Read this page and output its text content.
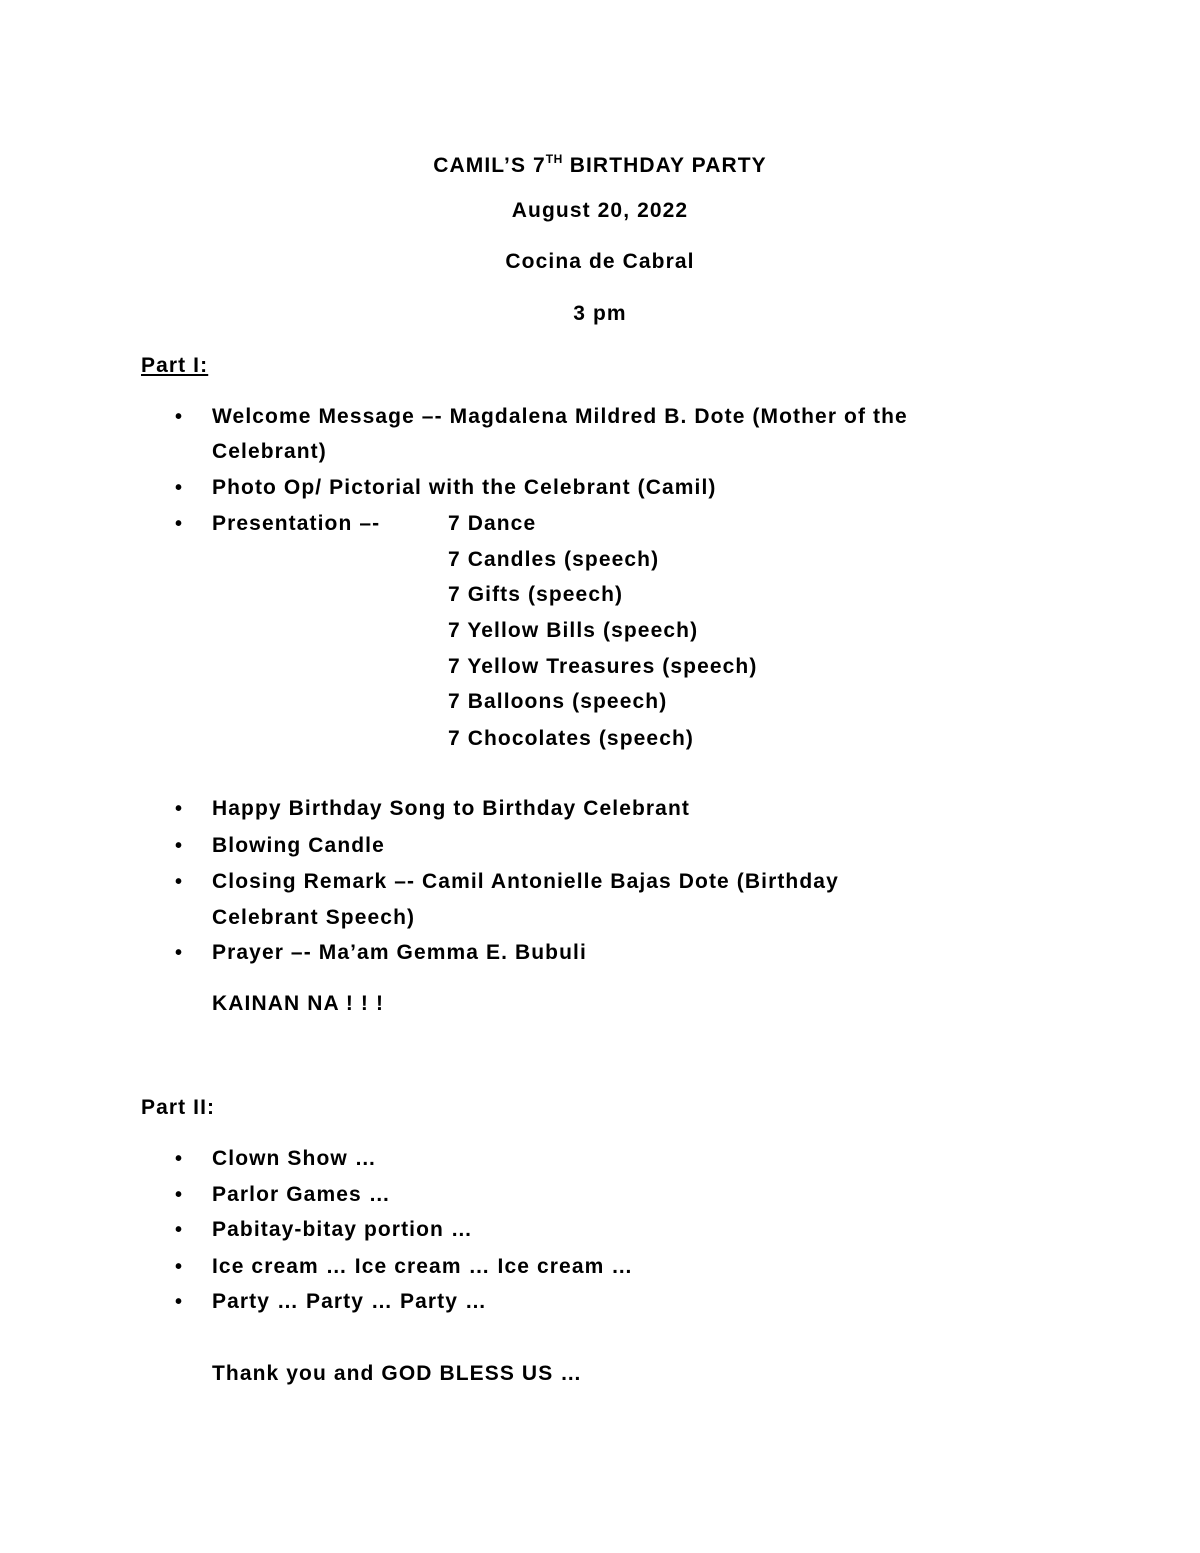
CAMIL’S 7TH BIRTHDAY PARTY
August 20, 2022
Cocina de Cabral
3 pm
Part I:
• Welcome Message –- Magdalena Mildred B. Dote (Mother of the
Celebrant)
• Photo Op/ Pictorial with the Celebrant (Camil)
• Presentation –-	7 Dance
7 Candles (speech)
7 Gifts (speech)
7 Yellow Bills (speech)
7 Yellow Treasures (speech)
7 Balloons (speech)
7 Chocolates (speech)
• Happy Birthday Song to Birthday Celebrant
• Blowing Candle
• Closing Remark –- Camil Antonielle Bajas Dote (Birthday
Celebrant Speech)
• Prayer –- Ma’am Gemma E. Bubuli
KAINAN NA ! ! !
Part II:
• Clown Show …
• Parlor Games …
• Pabitay-bitay portion …
• Ice cream … Ice cream … Ice cream …
• Party … Party … Party …
Thank you and GOD BLESS US …
